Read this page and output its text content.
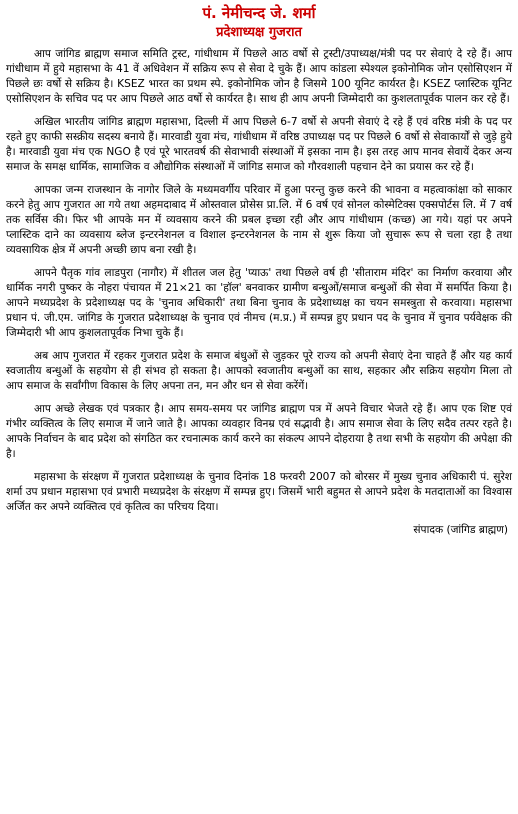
पं. नेमीचन्द जे. शर्मा
प्रदेशाध्यक्ष गुजरात

आप जांगिड ब्राह्मण समाज समिति ट्रस्ट, गांधीधाम में पिछले आठ वर्षो से ट्रस्टी/उपाध्यक्ष/मंत्री पद पर सेवाएं दे रहे हैं। आप गांधीधाम में हुये महासभा के 41 वें अधिवेशन में सक्रिय रूप से सेवा दे चुके हैं। आप कांडला स्पेश्यल इकोनोमिक जोन एसोसिएशन में पिछले छः वर्षो से सक्रिय है। KSEZ भारत का प्रथम स्पे. इकोनोमिक जोन है जिसमे 100 यूनिट कार्यरत है। KSEZ प्लास्टिक यूनिट एसोसिएशन के सचिव पद पर आप पिछले आठ वर्षो से कार्यरत है। साथ ही आप अपनी जिम्मेदारी का कुशलतापूर्वक पालन कर रहे हैं।

अखिल भारतीय जांगिड ब्राह्मण महासभा, दिल्ली में आप पिछले 6-7 वर्षो से अपनी सेवाएं दे रहे हैं एवं वरिष्ठ मंत्री के पद पर रहते हुए काफी सस्क्रीय सदस्य बनाये हैं। मारवाडी युवा मंच, गांधीधाम में वरिष्ठ उपाध्यक्ष पद पर पिछले 6 वर्षो से सेवाकार्यों से जुड़े हुये है। मारवाडी युवा मंच एक NGO है एवं पूरे भारतवर्ष की सेवाभावी संस्थाओं में इसका नाम है। इस तरह आप मानव सेवायें देकर अन्य समाज के समक्ष धार्मिक, सामाजिक व औद्योगिक संस्थाओं में जांगिड समाज को गौरवशाली पहचान देने का प्रयास कर रहे हैं।

आपका जन्म राजस्थान के नागोर जिले के मध्यमवर्गीय परिवार में हुआ परन्तु कुछ करने की भावना व महत्वाकांक्षा को साकार करने हेतु आप गुजरात आ गये तथा अहमदाबाद में ओस्तवाल प्रोसेस प्रा.लि. में 6 वर्ष एवं सोनल कोस्मेटिक्स एक्सपोर्टस लि. में 7 वर्ष तक सर्विस की। फिर भी आपके मन में व्यवसाय करने की प्रबल इच्छा रही और आप गांधीधाम (कच्छ) आ गये। यहां पर अपने प्लास्टिक दाने का व्यवसाय ब्लेज इन्टरनेशनल व विशाल इन्टरनेशनल के नाम से शुरू किया जो सुचारू रूप से चला रहा है तथा व्यवसायिक क्षेत्र में अपनी अच्छी छाप बना रखी है।

आपने पैतृक गांव लाडपुरा (नागौर) में शीतल जल हेतु 'प्याऊ' तथा पिछले वर्ष ही 'सीताराम मंदिर' का निर्माण करवाया और धार्मिक नगरी पुष्कर के नोहरा पंचायत में 21×21 का 'हॉल' बनवाकर ग्रामीण बन्धुओं/समाज बन्धुओं की सेवा में समर्पित किया है। आपने मध्यप्रदेश के प्रदेशाध्यक्ष पद के 'चुनाव अधिकारी' तथा बिना चुनाव के प्रदेशाध्यक्ष का चयन समस्त्रुता से करवाया। महासभा प्रधान पं. जी.एम. जांगिड के गुजरात प्रदेशाध्यक्ष के चुनाव एवं नीमच (म.प्र.) में सम्पन्न हुए प्रधान पद के चुनाव में चुनाव पर्यवेक्षक की जिम्मेदारी भी आप कुशलतापूर्वक निभा चुके हैं।

अब आप गुजरात में रहकर गुजरात प्रदेश के समाज बंधुओं से जुड़कर पूरे राज्य को अपनी सेवाएं देना चाहते हैं और यह कार्य स्वजातीय बन्धुओं के सहयोग से ही संभव हो सकता है। आपको स्वजातीय बन्धुओं का साथ, सहकार और सक्रिय सहयोग मिला तो आप समाज के सर्वांगीण विकास के लिए अपना तन, मन और धन से सेवा करेंगें।

आप अच्छे लेखक एवं पत्रकार है। आप समय-समय पर जांगिड ब्राह्मण पत्र में अपने विचार भेजते रहे हैं। आप एक शिष्ट एवं गंभीर व्यक्तित्व के लिए समाज में जाने जाते है। आपका व्यवहार विनम्र एवं सद्भावी है। आप समाज सेवा के लिए सदैव तत्पर रहते है। आपके निर्वाचन के बाद प्रदेश को संगठित कर रचनात्मक कार्य करने का संकल्प आपने दोहराया है तथा सभी के सहयोग की अपेक्षा की है।

महासभा के संरक्षण में गुजरात प्रदेशाध्यक्ष के चुनाव दिनांक 18 फरवरी 2007 को बोरसर में मुख्य चुनाव अधिकारी पं. सुरेश शर्मा उप प्रधान महासभा एवं प्रभारी मध्यप्रदेश के संरक्षण में सम्पन्न हुए। जिसमें भारी बहुमत से आपने प्रदेश के मतदाताओं का विश्वास अर्जित कर अपने व्यक्तित्व एवं कृतित्व का परिचय दिया।

संपादक (जांगिड ब्राह्मण)
